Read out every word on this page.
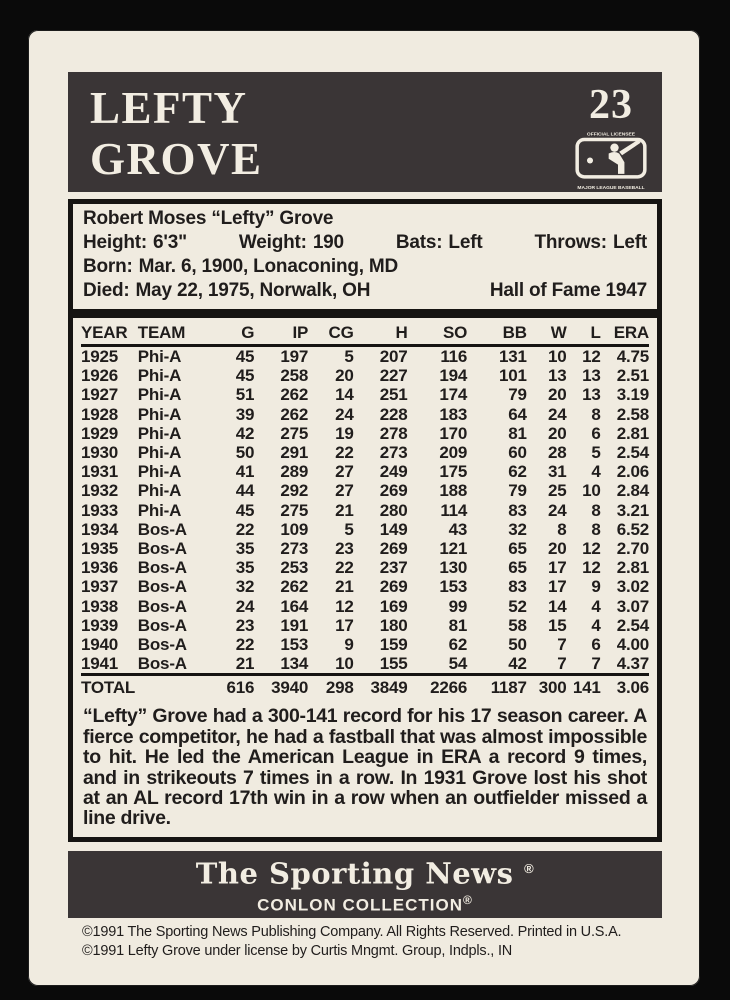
LEFTY
GROVE
23
OFFICIAL LICENSEE
MAJOR LEAGUE BASEBALL
Robert Moses “Lefty” Grove
Height: 6'3"	Weight: 190	Bats: Left	Throws: Left
Born: Mar. 6, 1900, Lonaconing, MD
Died: May 22, 1975, Norwalk, OH	Hall of Fame 1947
YEAR	TEAM	G	IP	CG	H	SO	BB	W	L	ERA
1925	Phi-A	45	197	5	207	116	131	10	12	4.75
1926	Phi-A	45	258	20	227	194	101	13	13	2.51
1927	Phi-A	51	262	14	251	174	79	20	13	3.19
1928	Phi-A	39	262	24	228	183	64	24	8	2.58
1929	Phi-A	42	275	19	278	170	81	20	6	2.81
1930	Phi-A	50	291	22	273	209	60	28	5	2.54
1931	Phi-A	41	289	27	249	175	62	31	4	2.06
1932	Phi-A	44	292	27	269	188	79	25	10	2.84
1933	Phi-A	45	275	21	280	114	83	24	8	3.21
1934	Bos-A	22	109	5	149	43	32	8	8	6.52
1935	Bos-A	35	273	23	269	121	65	20	12	2.70
1936	Bos-A	35	253	22	237	130	65	17	12	2.81
1937	Bos-A	32	262	21	269	153	83	17	9	3.02
1938	Bos-A	24	164	12	169	99	52	14	4	3.07
1939	Bos-A	23	191	17	180	81	58	15	4	2.54
1940	Bos-A	22	153	9	159	62	50	7	6	4.00
1941	Bos-A	21	134	10	155	54	42	7	7	4.37
TOTAL		616	3940	298	3849	2266	1187	300	141	3.06
“Lefty” Grove had a 300-141 record for his 17 season career. A fierce competitor, he had a fastball that was almost impossible to hit. He led the American League in ERA a record 9 times, and in strikeouts 7 times in a row. In 1931 Grove lost his shot at an AL record 17th win in a row when an outfielder missed a line drive.
The Sporting News ®
CONLON COLLECTION®
©1991 The Sporting News Publishing Company. All Rights Reserved. Printed in U.S.A.
©1991 Lefty Grove under license by Curtis Mngmt. Group, Indpls., IN
